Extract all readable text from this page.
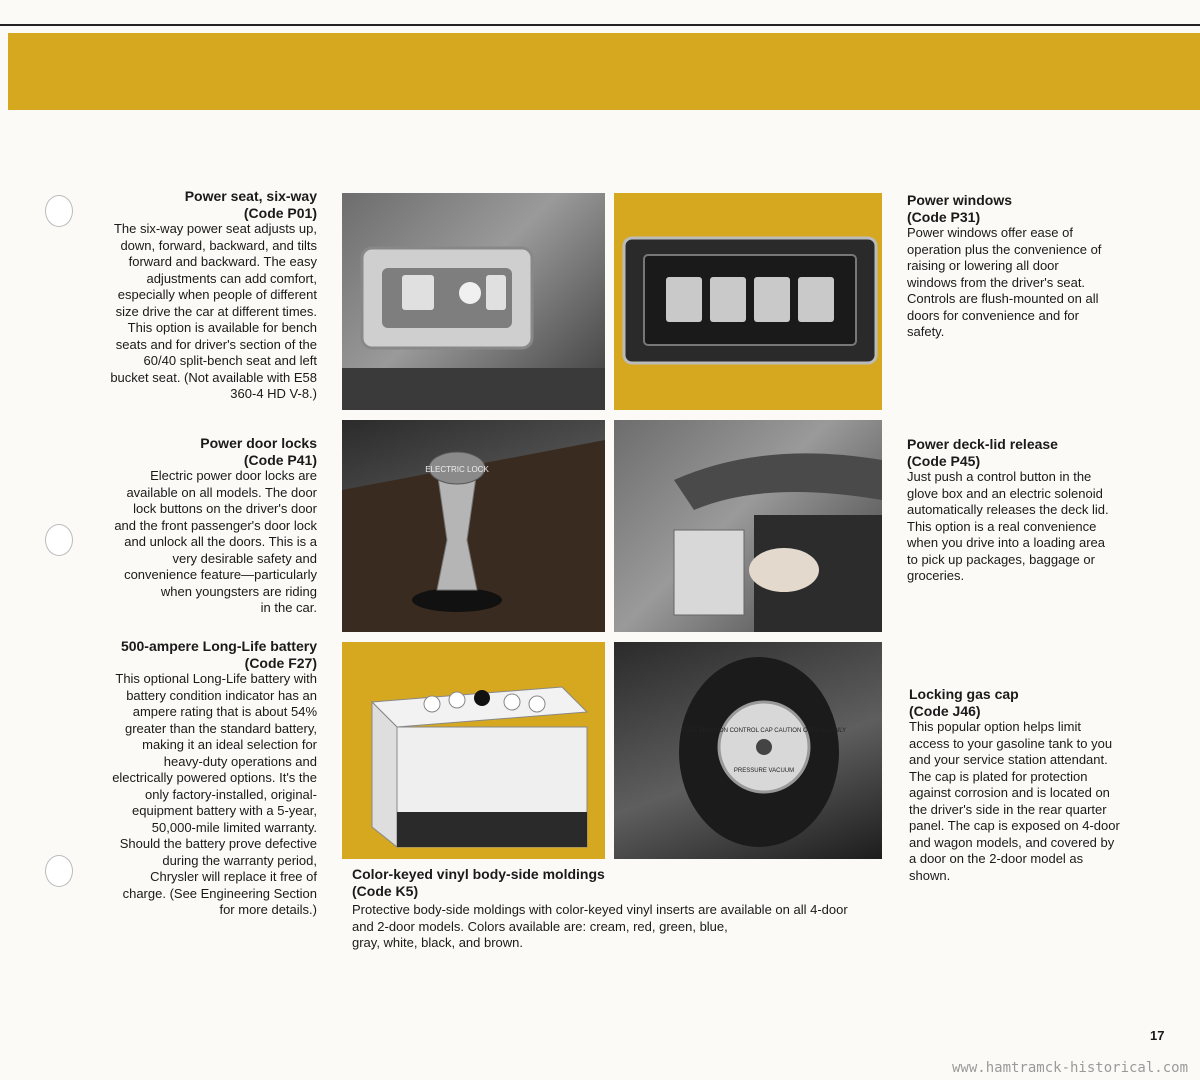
Power seat, six-way
(Code P01)
The six-way power seat adjusts up,
down, forward, backward, and tilts
forward and backward. The easy
adjustments can add comfort,
especially when people of different
size drive the car at different times.
This option is available for bench
seats and for driver's section of the
60/40 split-bench seat and left
bucket seat. (Not available with E58
360-4 HD V-8.)
Power door locks
(Code P41)
Electric power door locks are
available on all models. The door
lock buttons on the driver's door
and the front passenger's door lock
and unlock all the doors. This is a
very desirable safety and
convenience feature—particularly
when youngsters are riding
in the car.
500-ampere Long-Life battery
(Code F27)
This optional Long-Life battery with
battery condition indicator has an
ampere rating that is about 54%
greater than the standard battery,
making it an ideal selection for
heavy-duty operations and
electrically powered options. It's the
only factory-installed, original-
equipment battery with a 5-year,
50,000-mile limited warranty.
Should the battery prove defective
during the warranty period,
Chrysler will replace it free of
charge. (See Engineering Section
for more details.)
ELECTRIC LOCK
FUEL EMISSION CONTROL CAP CAUTION OPEN SLOWLY
PRESSURE VACUUM
Color-keyed vinyl body-side moldings
(Code K5)
Protective body-side moldings with color-keyed vinyl inserts are available on all 4-door
and 2-door models. Colors available are: cream, red, green, blue,
gray, white, black, and brown.
Power windows
(Code P31)
Power windows offer ease of
operation plus the convenience of
raising or lowering all door
windows from the driver's seat.
Controls are flush-mounted on all
doors for convenience and for
safety.
Power deck-lid release
(Code P45)
Just push a control button in the
glove box and an electric solenoid
automatically releases the deck lid.
This option is a real convenience
when you drive into a loading area
to pick up packages, baggage or
groceries.
Locking gas cap
(Code J46)
This popular option helps limit
access to your gasoline tank to you
and your service station attendant.
The cap is plated for protection
against corrosion and is located on
the driver's side in the rear quarter
panel. The cap is exposed on 4-door
and wagon models, and covered by
a door on the 2-door model as
shown.
17
www.hamtramck-historical.com
